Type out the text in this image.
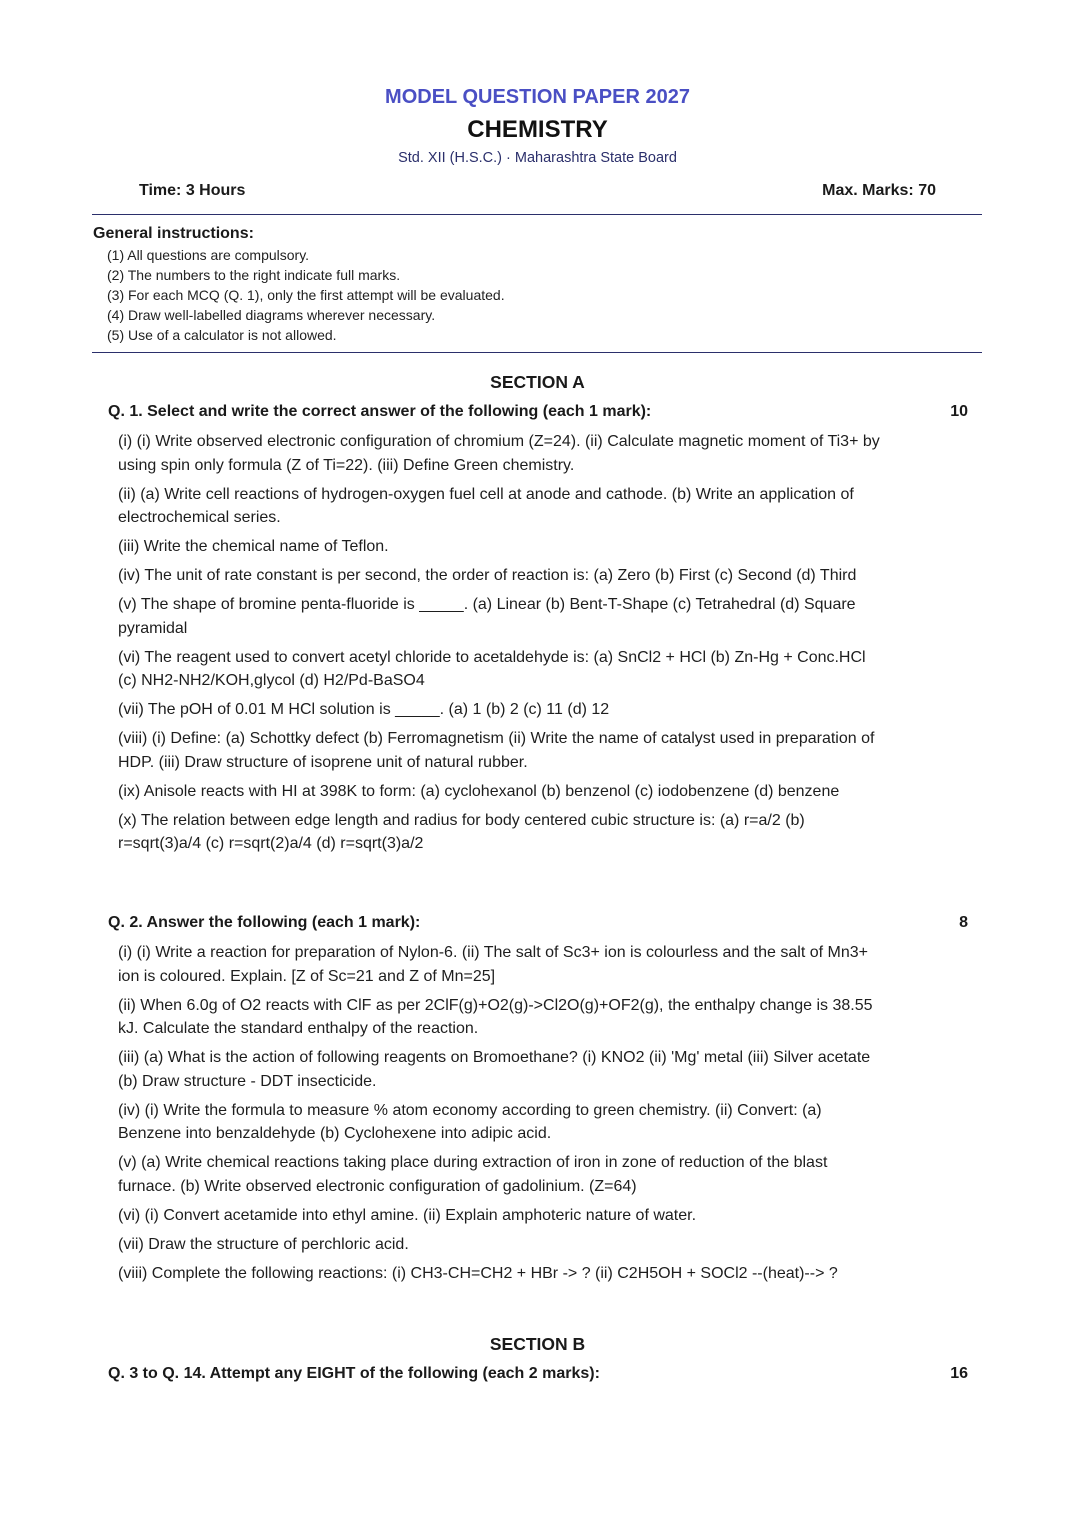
MODEL QUESTION PAPER 2027
CHEMISTRY
Std. XII (H.S.C.) · Maharashtra State Board
Time: 3 Hours	Max. Marks: 70
General instructions:
(1) All questions are compulsory.
(2) The numbers to the right indicate full marks.
(3) For each MCQ (Q. 1), only the first attempt will be evaluated.
(4) Draw well-labelled diagrams wherever necessary.
(5) Use of a calculator is not allowed.
SECTION A
Q. 1. Select and write the correct answer of the following (each 1 mark):	10
(i) (i) Write observed electronic configuration of chromium (Z=24). (ii) Calculate magnetic moment of Ti3+ by using spin only formula (Z of Ti=22). (iii) Define Green chemistry.
(ii) (a) Write cell reactions of hydrogen-oxygen fuel cell at anode and cathode. (b) Write an application of electrochemical series.
(iii) Write the chemical name of Teflon.
(iv) The unit of rate constant is per second, the order of reaction is: (a) Zero (b) First (c) Second (d) Third
(v) The shape of bromine penta-fluoride is _____. (a) Linear (b) Bent-T-Shape (c) Tetrahedral (d) Square pyramidal
(vi) The reagent used to convert acetyl chloride to acetaldehyde is: (a) SnCl2 + HCl (b) Zn-Hg + Conc.HCl (c) NH2-NH2/KOH,glycol (d) H2/Pd-BaSO4
(vii) The pOH of 0.01 M HCl solution is _____. (a) 1 (b) 2 (c) 11 (d) 12
(viii) (i) Define: (a) Schottky defect (b) Ferromagnetism (ii) Write the name of catalyst used in preparation of HDP. (iii) Draw structure of isoprene unit of natural rubber.
(ix) Anisole reacts with HI at 398K to form: (a) cyclohexanol (b) benzenol (c) iodobenzene (d) benzene
(x) The relation between edge length and radius for body centered cubic structure is: (a) r=a/2 (b) r=sqrt(3)a/4 (c) r=sqrt(2)a/4 (d) r=sqrt(3)a/2
Q. 2. Answer the following (each 1 mark):	8
(i) (i) Write a reaction for preparation of Nylon-6. (ii) The salt of Sc3+ ion is colourless and the salt of Mn3+ ion is coloured. Explain. [Z of Sc=21 and Z of Mn=25]
(ii) When 6.0g of O2 reacts with ClF as per 2ClF(g)+O2(g)->Cl2O(g)+OF2(g), the enthalpy change is 38.55 kJ. Calculate the standard enthalpy of the reaction.
(iii) (a) What is the action of following reagents on Bromoethane? (i) KNO2 (ii) 'Mg' metal (iii) Silver acetate (b) Draw structure - DDT insecticide.
(iv) (i) Write the formula to measure % atom economy according to green chemistry. (ii) Convert: (a) Benzene into benzaldehyde (b) Cyclohexene into adipic acid.
(v) (a) Write chemical reactions taking place during extraction of iron in zone of reduction of the blast furnace. (b) Write observed electronic configuration of gadolinium. (Z=64)
(vi) (i) Convert acetamide into ethyl amine. (ii) Explain amphoteric nature of water.
(vii) Draw the structure of perchloric acid.
(viii) Complete the following reactions: (i) CH3-CH=CH2 + HBr -> ? (ii) C2H5OH + SOCl2 --(heat)--> ?
SECTION B
Q. 3 to Q. 14. Attempt any EIGHT of the following (each 2 marks):	16
